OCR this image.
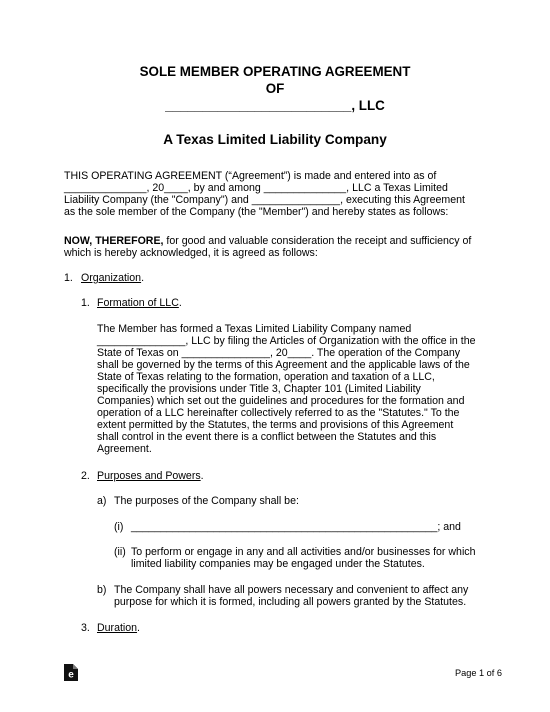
SOLE MEMBER OPERATING AGREEMENT
OF
_________________________, LLC
A Texas Limited Liability Company
THIS OPERATING AGREEMENT (“Agreement”) is made and entered into as of
______________, 20____, by and among ______________, LLC a Texas Limited
Liability Company (the "Company") and _______________, executing this Agreement
as the sole member of the Company (the "Member") and hereby states as follows:
NOW, THEREFORE, for good and valuable consideration the receipt and sufficiency of
which is hereby acknowledged, it is agreed as follows:
1. Organization.
1. Formation of LLC.
The Member has formed a Texas Limited Liability Company named
_______________, LLC by filing the Articles of Organization with the office in the
State of Texas on _______________, 20____. The operation of the Company
shall be governed by the terms of this Agreement and the applicable laws of the
State of Texas relating to the formation, operation and taxation of a LLC,
specifically the provisions under Title 3, Chapter 101 (Limited Liability
Companies) which set out the guidelines and procedures for the formation and
operation of a LLC hereinafter collectively referred to as the "Statutes." To the
extent permitted by the Statutes, the terms and provisions of this Agreement
shall control in the event there is a conflict between the Statutes and this
Agreement.
2. Purposes and Powers.
a) The purposes of the Company shall be:
(i) ____________________________________________________; and
(ii) To perform or engage in any and all activities and/or businesses for which
limited liability companies may be engaged under the Statutes.
b) The Company shall have all powers necessary and convenient to affect any
purpose for which it is formed, including all powers granted by the Statutes.
3. Duration.
e	Page 1 of 6
